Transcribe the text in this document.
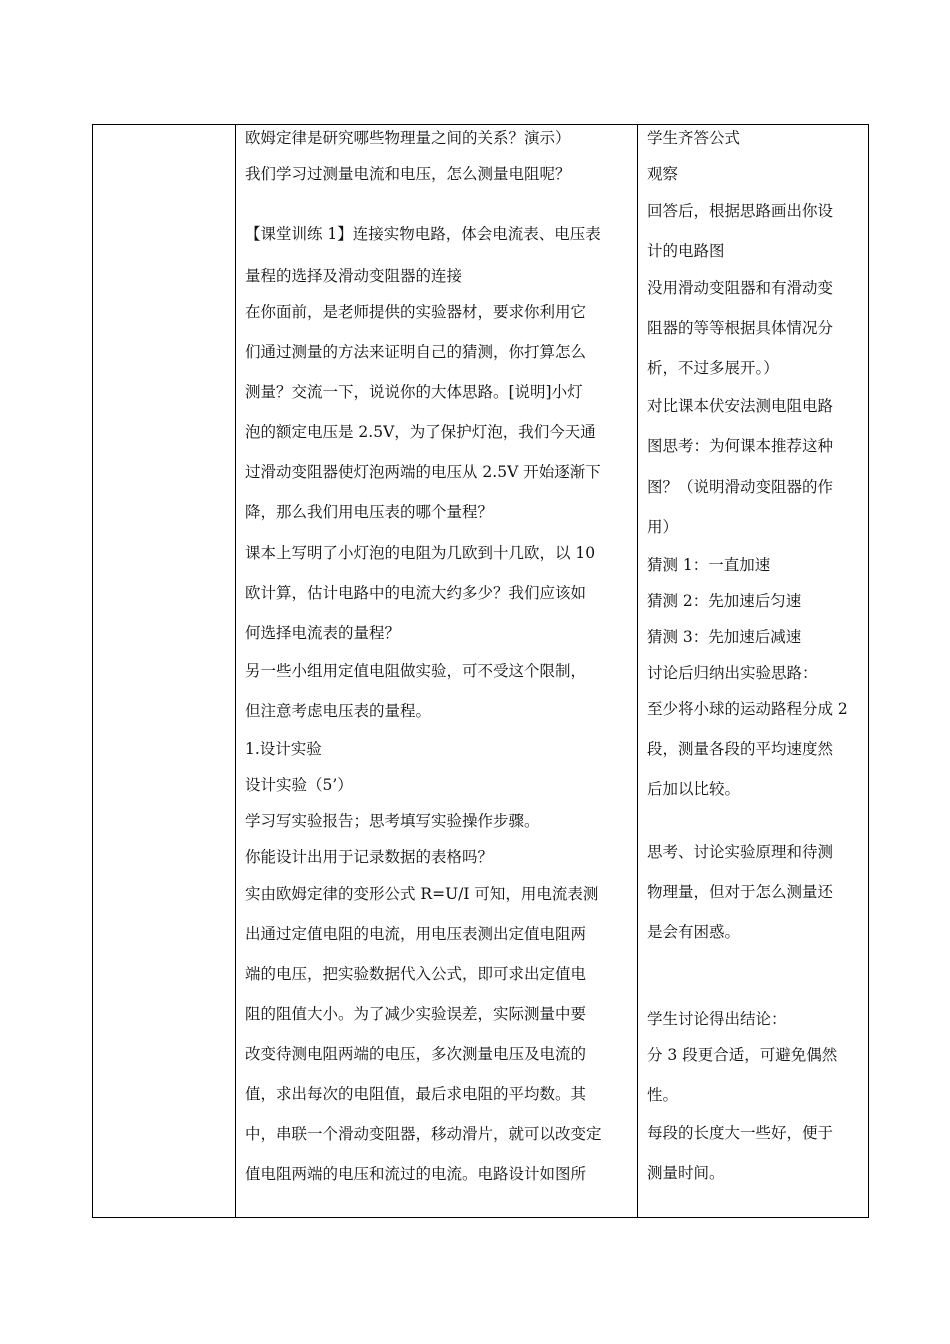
欧姆定律是研究哪些物理量之间的关系？演示）
我们学习过测量电流和电压，怎么测量电阻呢？
【课堂训练 1】连接实物电路，体会电流表、电压表
量程的选择及滑动变阻器的连接
在你面前，是老师提供的实验器材，要求你利用它
们通过测量的方法来证明自己的猜测，你打算怎么
测量？交流一下，说说你的大体思路。[说明]小灯
泡的额定电压是 2.5V，为了保护灯泡，我们今天通
过滑动变阻器使灯泡两端的电压从 2.5V 开始逐渐下
降，那么我们用电压表的哪个量程？
课本上写明了小灯泡的电阻为几欧到十几欧，以 10
欧计算，估计电路中的电流大约多少？我们应该如
何选择电流表的量程？
另一些小组用定值电阻做实验，可不受这个限制，
但注意考虑电压表的量程。
1.设计实验
设计实验（5’）
学习写实验报告；思考填写实验操作步骤。
你能设计出用于记录数据的表格吗？
实由欧姆定律的变形公式 R=U/I 可知，用电流表测
出通过定值电阻的电流，用电压表测出定值电阻两
端的电压，把实验数据代入公式，即可求出定值电
阻的阻值大小。为了减少实验误差，实际测量中要
改变待测电阻两端的电压，多次测量电压及电流的
值，求出每次的电阻值，最后求电阻的平均数。其
中，串联一个滑动变阻器，移动滑片，就可以改变定
值电阻两端的电压和流过的电流。电路设计如图所
学生齐答公式
观察
回答后，根据思路画出你设
计的电路图
没用滑动变阻器和有滑动变
阻器的等等根据具体情况分
析，不过多展开。）
对比课本伏安法测电阻电路
图思考：为何课本推荐这种
图？（说明滑动变阻器的作
用）
猜测 1：一直加速
猜测 2：先加速后匀速
猜测 3：先加速后减速
讨论后归纳出实验思路：
至少将小球的运动路程分成 2
段，测量各段的平均速度然
后加以比较。
思考、讨论实验原理和待测
物理量，但对于怎么测量还
是会有困惑。
学生讨论得出结论：
分 3 段更合适，可避免偶然
性。
每段的长度大一些好，便于
测量时间。
